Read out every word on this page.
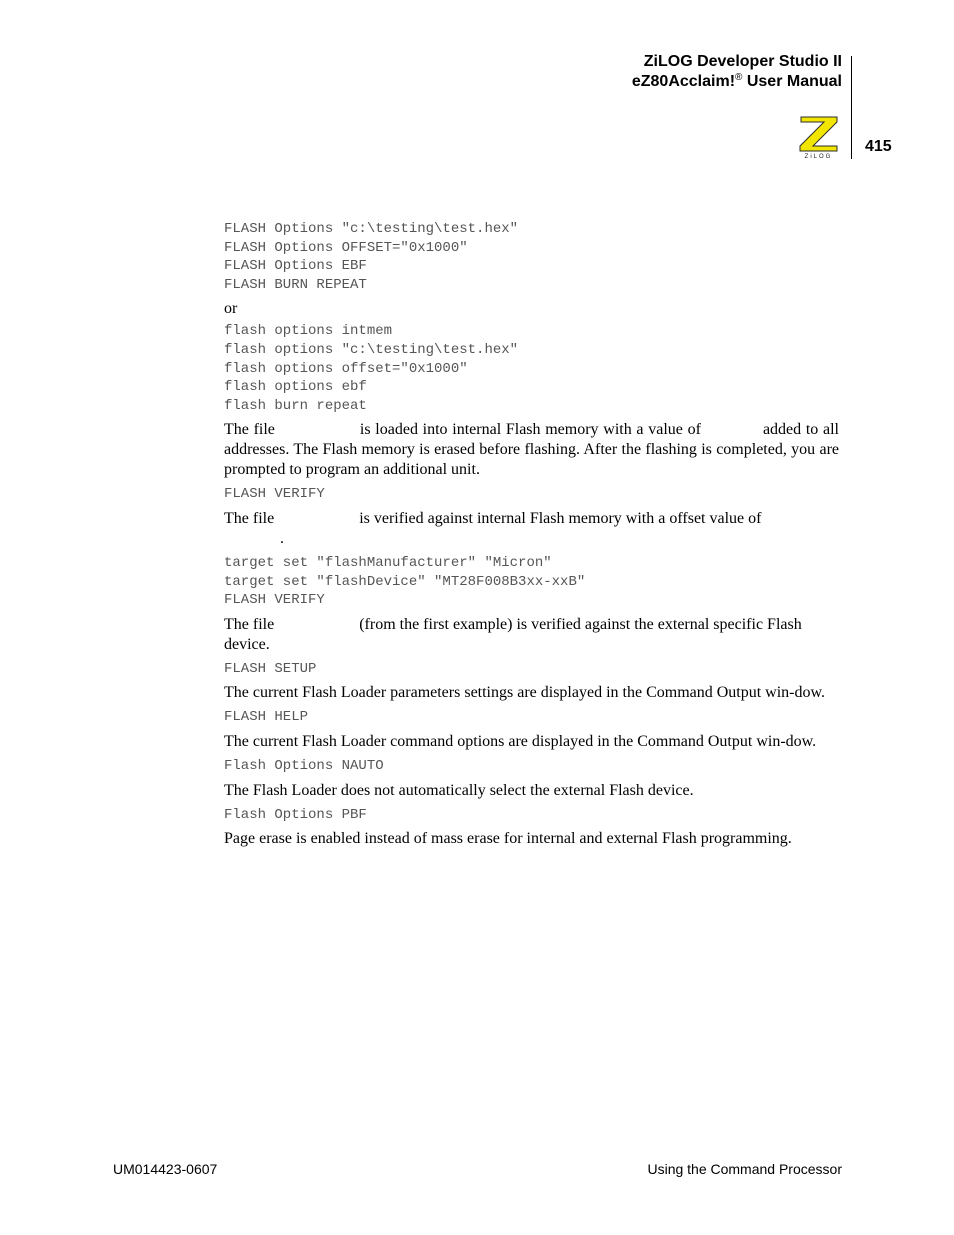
ZiLOG Developer Studio II
eZ80Acclaim!® User Manual
ZiLOG
415
FLASH Options "c:\testing\test.hex"
FLASH Options OFFSET="0x1000"
FLASH Options EBF
FLASH BURN REPEAT

or

flash options intmem
flash options "c:\testing\test.hex"
flash options offset="0x1000"
flash options ebf
flash burn repeat

The file	is loaded into internal Flash memory with a value of	added to all addresses. The Flash memory is erased before flashing. After the flashing is completed, you are prompted to program an additional unit.

FLASH VERIFY

The file	is verified against internal Flash memory with a offset value of
.

target set "flashManufacturer" "Micron"
target set "flashDevice" "MT28F008B3xx-xxB"
FLASH VERIFY

The file	(from the first example) is verified against the external specific Flash device.

FLASH SETUP

The current Flash Loader parameters settings are displayed in the Command Output win-dow.

FLASH HELP

The current Flash Loader command options are displayed in the Command Output win-dow.

Flash Options NAUTO

The Flash Loader does not automatically select the external Flash device.

Flash Options PBF

Page erase is enabled instead of mass erase for internal and external Flash programming.

UM014423-0607	Using the Command Processor
